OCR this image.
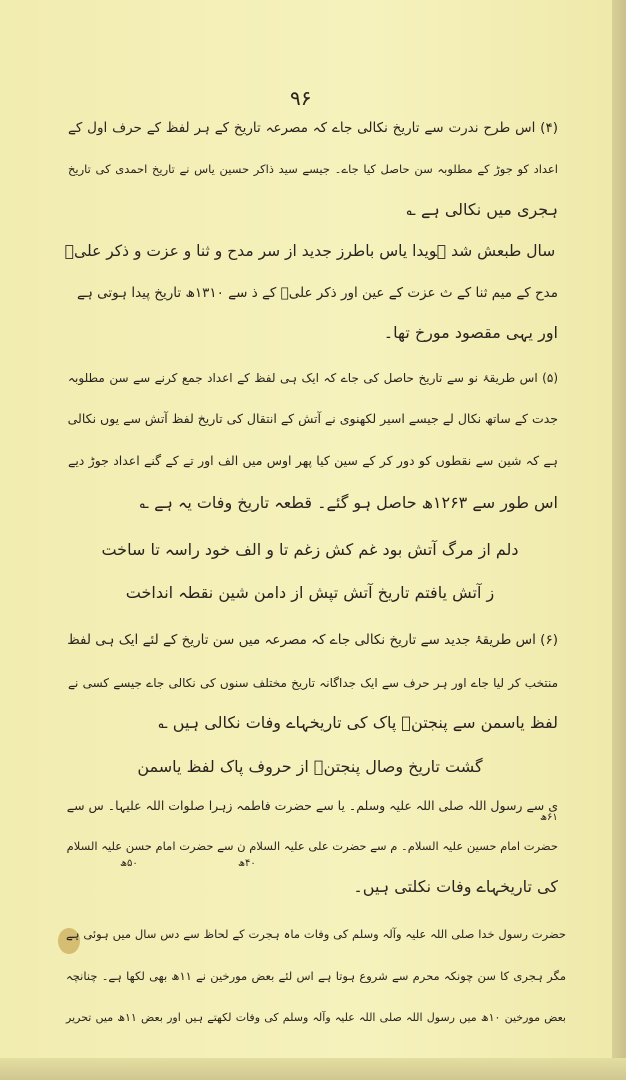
۹۶
(۴) اس طرح ندرت سے تاریخ نکالی جاے کہ مصرعہ تاریخ کے ہر لفظ کے حرف اول کے
اعداد کو جوڑ کے مطلوبہ سن حاصل کیا جاے۔ جیسے سید ذاکر حسین یاس نے تاریخ احمدی کی تاریخ
ہجری میں نکالی ہے ؎
سال طبعش شد ہویدا یاس باطرز جدید از سر مدح و ثنا و عزت و ذکر علیؑ
مدح کے میم ثنا کے ث عزت کے عین اور ذکر علیؑ کے ذ سے ۱۳۱۰ھ تاریخ پیدا ہوتی ہے
اور یہی مقصود مورخ تھا۔
(۵) اس طریقۂ نو سے تاریخ حاصل کی جاے کہ ایک ہی لفظ کے اعداد جمع کرنے سے سن مطلوبہ
جدت کے ساتھ نکال لے جیسے اسیر لکھنوی نے آتش کے انتقال کی تاریخ لفظ آتش سے یوں نکالی
ہے کہ شین سے نقطوں کو دور کر کے سین کیا پھر اوس میں الف اور تے کے گنے اعداد جوڑ دیے
اس طور سے ۱۲۶۳ھ حاصل ہو گئے۔ قطعہ تاریخ وفات یہ ہے ؎
دلم از مرگ آتش بود غم کش زغم تا و الف خود راسہ تا ساخت
ز آتش یافتم تاریخ آتش تپش از دامن شین نقطہ انداخت
(۶) اس طریقۂ جدید سے تاریخ نکالی جاے کہ مصرعہ میں سن تاریخ کے لئے ایک ہی لفظ
منتخب کر لیا جاے اور ہر حرف سے ایک جداگانہ تاریخ مختلف سنوں کی نکالی جاے جیسے کسی نے
لفظ یاسمن سے پنجتنؑ پاک کی تاریخہاے وفات نکالی ہیں ؎
گشت تاریخ وصال پنجتنؑ از حروف پاک لفظ یاسمن
ی سے رسول اللہ صلی اللہ علیہ وسلم۔ یا سے حضرت فاطمہ زہرا صلوات اللہ علیہا۔ س سے
۶۱ھ
حضرت امام حسین علیہ السلام۔ م سے حضرت علی علیہ السلام ن سے حضرت امام حسن علیہ السلام
۴۰ھ
۵۰ھ
کی تاریخہاے وفات نکلتی ہیں۔
حضرت رسول خدا صلی اللہ علیہ وآلہ وسلم کی وفات ماہ ہجرت کے لحاظ سے دس سال میں ہوئی ہے
مگر ہجری کا سن چونکہ محرم سے شروع ہوتا ہے اس لئے بعض مورخین نے ۱۱ھ بھی لکھا ہے۔ چنانچہ
بعض مورخین ۱۰ھ میں رسول اللہ صلی اللہ علیہ وآلہ وسلم کی وفات لکھتے ہیں اور بعض ۱۱ھ میں تحریر
